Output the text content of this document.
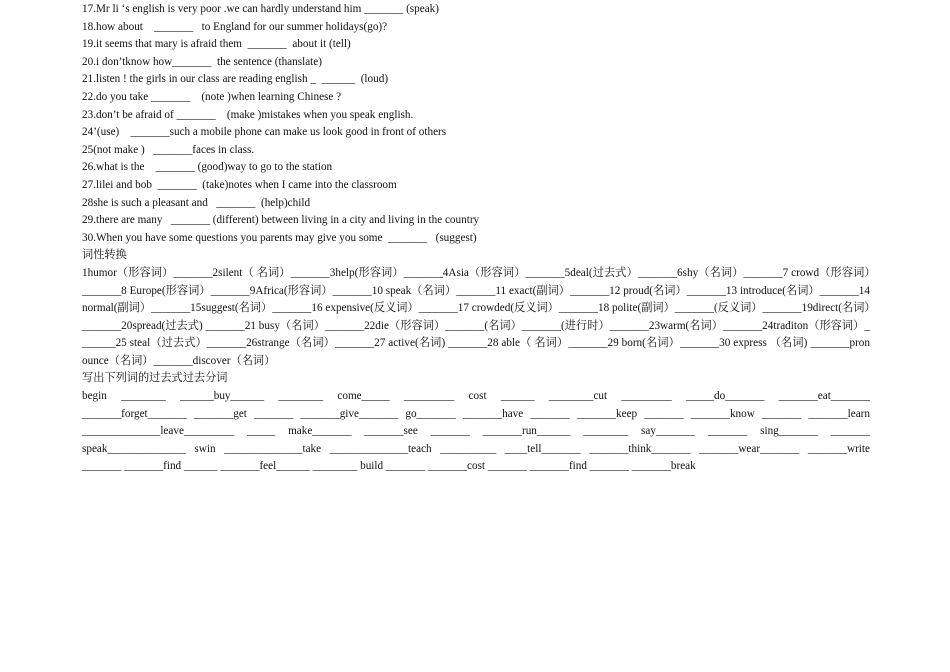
17.Mr li ‘s english is very poor .we can hardly understand him _______ (speak)
18.how about    _______   to England for our summer holidays(go)?
19.it seems that mary is afraid them  _______  about it (tell)
20.i don’tknow how_______  the sentence (thanslate)
21.listen ! the girls in our class are reading english _  ______  (loud)
22.do you take _______    (note )when learning Chinese ?
23.don’t be afraid of _______    (make )mistakes when you speak english.
24’(use)    _______such a mobile phone can make us look good in front of others
25(not make )   _______faces in class.
26.what is the    _______ (good)way to go to the station
27.lilei and bob  _______  (take)notes when I came into the classroom
28she is such a pleasant and   _______  (help)child
29.there are many   _______ (different) between living in a city and living in the country
30.When you have some questions you parents may give you some  _______   (suggest)
词性转换
1humor（形容词）_______2silent（ 名词）_______3help(形容词）_______4Asia（形容词）_______5deal(过去式）_______6shy（名词）_______7 crowd（形容词）_______8 Europe(形容词）_______9Africa(形容词）_______10 speak（名词）_______11 exact(副词）_______12 proud(名词）_______13 introduce(名词）_______14normal(副词）_______15suggest(名词）_______16 expensive(反义词）_______17 crowded(反义词）_______18 polite(副词）_______(反义词）_______19direct(名词）_______20spread(过去式) _______21 busy（名词）_______22die（形容词）_______(名词）_______(进行时）_______23warm(名词）_______24traditon（形容词）_______25 steal（过去式）_______26strange（名词）_______27 active(名词) _______28 able（ 名词）_______29 born(名词）_______30 express （名词) _______pronounce（名词）_______discover（名词）
写出下列词的过去式过去分词
begin ________ ______buy______ ________ come_____ _________ cost ______ ________cut _________ _____do_______ _______eat_______
_______forget_______ _______get _______ _______give_______ go_______ _______have _______ _______keep _______ _______know _______ _______learn
______________leave_________ _____ make_______ _______see _______ _______run______ ________ say_______ _______ sing_______ _______
speak______________ swin ______________take ______________teach __________ ____tell_______ _______think_______ _______wear_______ _______write
_______ _______find ______ _______feel______ ________ build _______ _______cost _______ _______find _______ _______break
